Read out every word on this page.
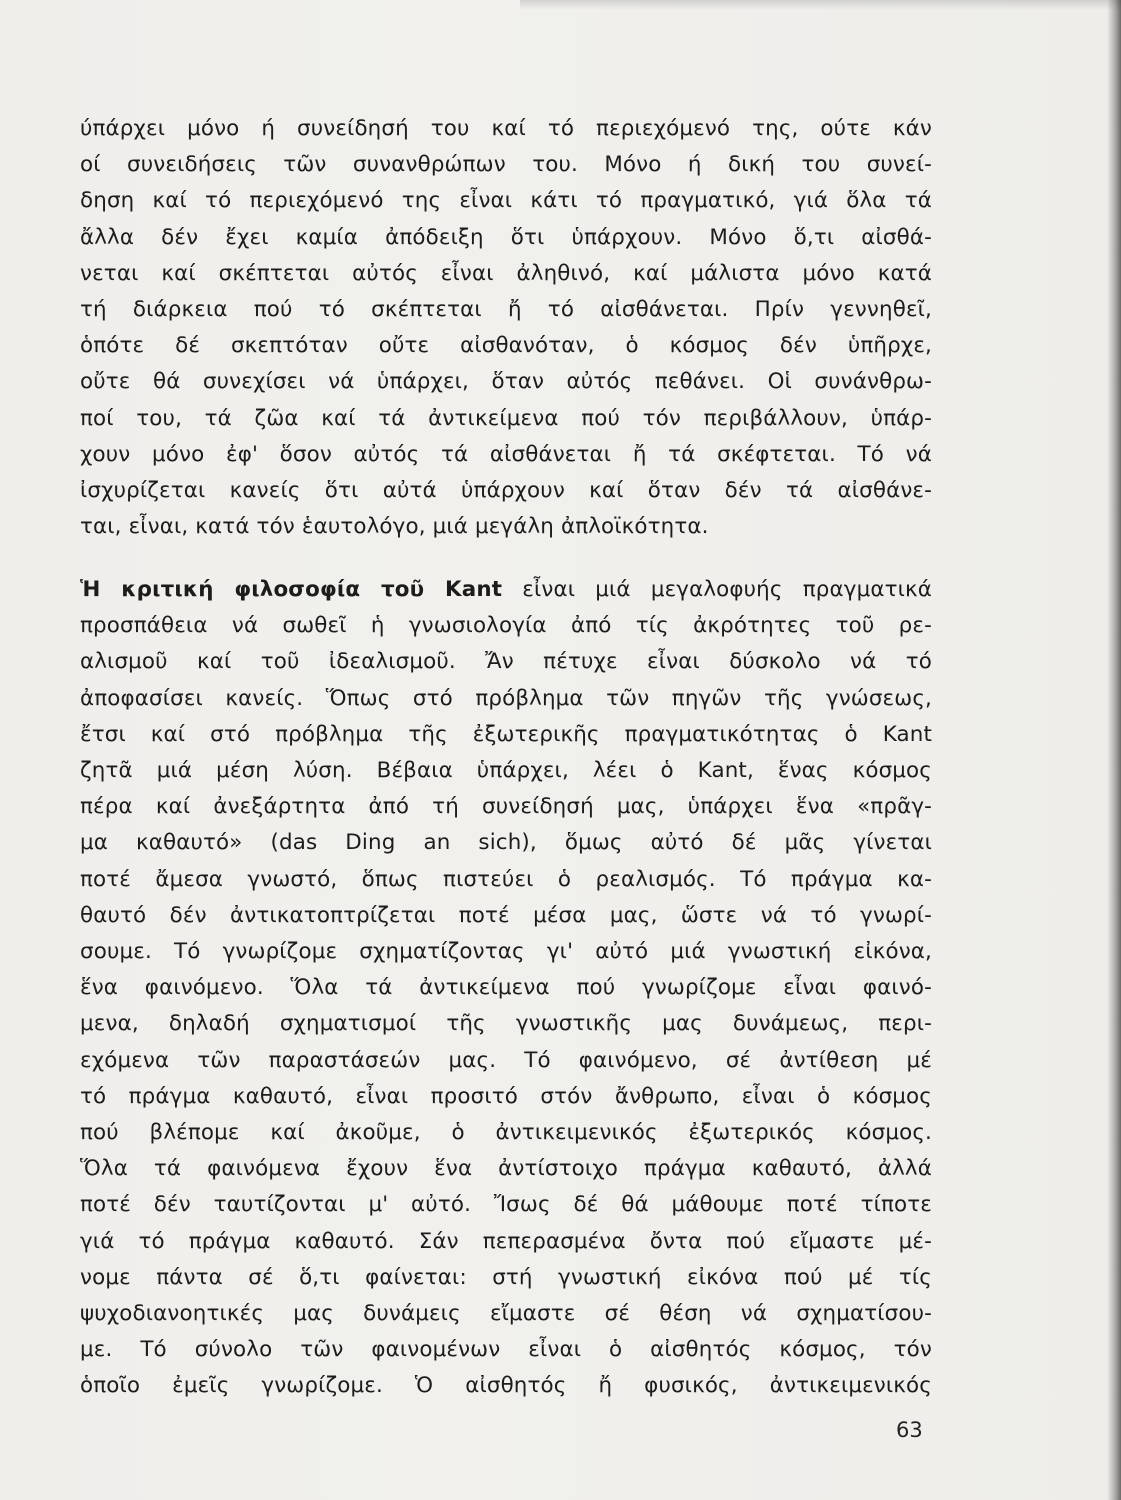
ύπάρχει μόνο ή συνείδησή του καί τό περιεχόμενό της, ούτε κάν
οί συνειδήσεις τῶν συνανθρώπων του. Μόνο ή δική του συνεί-
δηση καί τό περιεχόμενό της εἶναι κάτι τό πραγματικό, γιά ὅλα τά
ἄλλα δέν ἔχει καμία ἀπόδειξη ὅτι ὑπάρχουν. Μόνο ὅ,τι αἰσθά-
νεται καί σκέπτεται αὐτός εἶναι ἀληθινό, καί μάλιστα μόνο κατά
τή διάρκεια πού τό σκέπτεται ἤ τό αἰσθάνεται. Πρίν γεννηθεῖ,
ὁπότε δέ σκεπτόταν οὔτε αἰσθανόταν, ὁ κόσμος δέν ὑπῆρχε,
οὔτε θά συνεχίσει νά ὑπάρχει, ὅταν αὐτός πεθάνει. Οἱ συνάνθρω-
ποί του, τά ζῶα καί τά ἀντικείμενα πού τόν περιβάλλουν, ὑπάρ-
χουν μόνο ἐφ' ὅσον αὐτός τά αἰσθάνεται ἤ τά σκέφτεται. Τό νά
ἰσχυρίζεται κανείς ὅτι αὐτά ὑπάρχουν καί ὅταν δέν τά αἰσθάνε-
ται, εἶναι, κατά τόν ἑαυτολόγο, μιά μεγάλη ἀπλοϊκότητα.
Ἡ κριτική φιλοσοφία τοῦ Kant εἶναι μιά μεγαλοφυής πραγματικά
προσπάθεια νά σωθεῖ ἡ γνωσιολογία ἀπό τίς ἀκρότητες τοῦ ρε-
αλισμοῦ καί τοῦ ἰδεαλισμοῦ. Ἄν πέτυχε εἶναι δύσκολο νά τό
ἀποφασίσει κανείς. Ὅπως στό πρόβλημα τῶν πηγῶν τῆς γνώσεως,
ἔτσι καί στό πρόβλημα τῆς ἐξωτερικῆς πραγματικότητας ὁ Kant
ζητᾶ μιά μέση λύση. Βέβαια ὑπάρχει, λέει ὁ Kant, ἕνας κόσμος
πέρα καί ἀνεξάρτητα ἀπό τή συνείδησή μας, ὑπάρχει ἕνα «πρᾶγ-
μα καθαυτό» (das Ding an sich), ὅμως αὐτό δέ μᾶς γίνεται
ποτέ ἄμεσα γνωστό, ὅπως πιστεύει ὁ ρεαλισμός. Τό πράγμα κα-
θαυτό δέν ἀντικατοπτρίζεται ποτέ μέσα μας, ὥστε νά τό γνωρί-
σουμε. Τό γνωρίζομε σχηματίζοντας γι' αὐτό μιά γνωστική εἰκόνα,
ἕνα φαινόμενο. Ὅλα τά ἀντικείμενα πού γνωρίζομε εἶναι φαινό-
μενα, δηλαδή σχηματισμοί τῆς γνωστικῆς μας δυνάμεως, περι-
εχόμενα τῶν παραστάσεών μας. Τό φαινόμενο, σέ ἀντίθεση μέ
τό πράγμα καθαυτό, εἶναι προσιτό στόν ἄνθρωπο, εἶναι ὁ κόσμος
πού βλέπομε καί ἀκοῦμε, ὁ ἀντικειμενικός ἐξωτερικός κόσμος.
Ὅλα τά φαινόμενα ἔχουν ἕνα ἀντίστοιχο πράγμα καθαυτό, ἀλλά
ποτέ δέν ταυτίζονται μ' αὐτό. Ἴσως δέ θά μάθουμε ποτέ τίποτε
γιά τό πράγμα καθαυτό. Σάν πεπερασμένα ὄντα πού εἴμαστε μέ-
νομε πάντα σέ ὅ,τι φαίνεται: στή γνωστική εἰκόνα πού μέ τίς
ψυχοδιανοητικές μας δυνάμεις εἴμαστε σέ θέση νά σχηματίσου-
με. Τό σύνολο τῶν φαινομένων εἶναι ὁ αἰσθητός κόσμος, τόν
ὁποῖο ἐμεῖς γνωρίζομε. Ὁ αἰσθητός ἤ φυσικός, ἀντικειμενικός
63
